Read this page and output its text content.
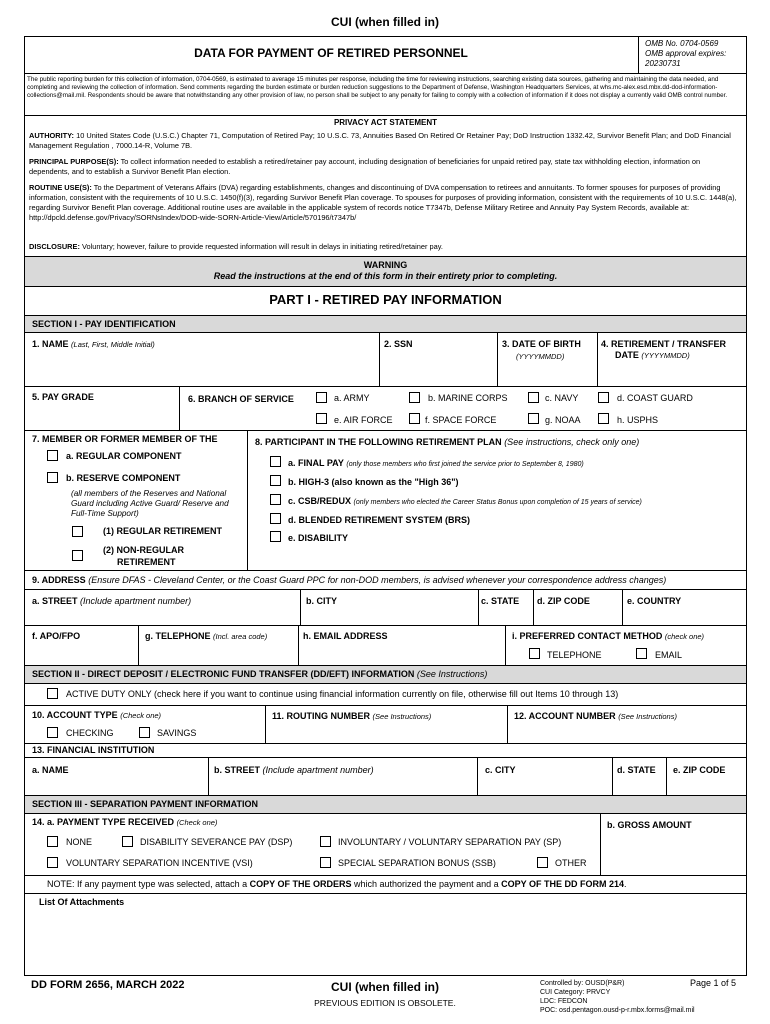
CUI (when filled in)
DATA FOR PAYMENT OF RETIRED PERSONNEL
OMB No. 0704-0569
OMB approval expires:
20230731
The public reporting burden for this collection of information, 0704-0569, is estimated to average 15 minutes per response, including the time for reviewing instructions, searching existing data sources, gathering and maintaining the data needed, and completing and reviewing the collection of information. Send comments regarding the burden estimate or burden reduction suggestions to the Department of Defense, Washington Headquarters Services, at whs.mc-alex.esd.mbx.dd-dod-information-collections@mail.mil. Respondents should be aware that notwithstanding any other provision of law, no person shall be subject to any penalty for failing to comply with a collection of information if it does not display a currently valid OMB control number.
PRIVACY ACT STATEMENT
AUTHORITY: 10 United States Code (U.S.C.) Chapter 71, Computation of Retired Pay; 10 U.S.C. 73, Annuities Based On Retired Or Retainer Pay; DoD Instruction 1332.42, Survivor Benefit Plan; and DoD Financial Management Regulation , 7000.14-R, Volume 7B.
PRINCIPAL PURPOSE(S): To collect information needed to establish a retired/retainer pay account, including designation of beneficiaries for unpaid retired pay, state tax withholding election, information on dependents, and to establish a Survivor Benefit Plan election.
ROUTINE USE(S): To the Department of Veterans Affairs (DVA) regarding establishments, changes and discontinuing of DVA compensation to retirees and annuitants. To former spouses for purposes of providing information, consistent with the requirements of 10 U.S.C. 1450(f)(3), regarding Survivor Benefit Plan coverage. To spouses for purposes of providing information, consistent with the requirements of 10 U.S.C. 1448(a), regarding Survivor Benefit Plan coverage. Additional routine uses are available in the applicable system of records notice T7347b, Defense Military Retiree and Annuity Pay System Records, available at: http://dpcld.defense.gov/Privacy/SORNsIndex/DOD-wide-SORN-Article-View/Article/570196/t7347b/
DISCLOSURE: Voluntary; however, failure to provide requested information will result in delays in initiating retired/retainer pay.
WARNING
Read the instructions at the end of this form in their entirety prior to completing.
PART I - RETIRED PAY INFORMATION
SECTION I - PAY IDENTIFICATION
1. NAME (Last, First, Middle Initial)	2. SSN	3. DATE OF BIRTH
(YYYYMMDD)
4. RETIREMENT / TRANSFER
DATE (YYYYMMDD)
5. PAY GRADE	6. BRANCH OF SERVICE	a. ARMY	b. MARINE CORPS	c. NAVY	d. COAST GUARD
e. AIR FORCE	f. SPACE FORCE	g. NOAA	h. USPHS
7. MEMBER OR FORMER MEMBER OF THE
a. REGULAR COMPONENT
b. RESERVE COMPONENT
(all members of the Reserves and National Guard including Active Guard/ Reserve and Full-Time Support)
(1) REGULAR RETIREMENT
(2) NON-REGULAR
RETIREMENT
8. PARTICIPANT IN THE FOLLOWING RETIREMENT PLAN (See instructions, check only one)
a. FINAL PAY (only those members who first joined the service prior to September 8, 1980)
b. HIGH-3 (also known as the "High 36")
c. CSB/REDUX (only members who elected the Career Status Bonus upon completion of 15 years of service)
d. BLENDED RETIREMENT SYSTEM (BRS)
e. DISABILITY
9. ADDRESS (Ensure DFAS - Cleveland Center, or the Coast Guard PPC for non-DOD members, is advised whenever your correspondence address changes)
a. STREET (Include apartment number)	b. CITY	c. STATE d. ZIP CODE	e. COUNTRY
f. APO/FPO	g. TELEPHONE (Incl. area code)	h. EMAIL ADDRESS	i. PREFERRED CONTACT METHOD (check one)
TELEPHONE	EMAIL
SECTION II - DIRECT DEPOSIT / ELECTRONIC FUND TRANSFER (DD/EFT) INFORMATION (See Instructions)
ACTIVE DUTY ONLY (check here if you want to continue using financial information currently on file, otherwise fill out Items 10 through 13)
10. ACCOUNT TYPE (Check one)
CHECKING	SAVINGS
11. ROUTING NUMBER (See Instructions)	12. ACCOUNT NUMBER (See Instructions)
13. FINANCIAL INSTITUTION
a. NAME	b. STREET (Include apartment number)	c. CITY	d. STATE e. ZIP CODE
SECTION III - SEPARATION PAYMENT INFORMATION
14. a. PAYMENT TYPE RECEIVED (Check one)	b. GROSS AMOUNT
NONE	DISABILITY SEVERANCE PAY (DSP)	INVOLUNTARY / VOLUNTARY SEPARATION PAY (SP)
VOLUNTARY SEPARATION INCENTIVE (VSI)	SPECIAL SEPARATION BONUS (SSB)	OTHER
NOTE: If any payment type was selected, attach a COPY OF THE ORDERS which authorized the payment and a COPY OF THE DD FORM 214.
List Of Attachments
DD FORM 2656, MARCH 2022	CUI (when filled in)
PREVIOUS EDITION IS OBSOLETE.
Controlled by: OUSD(P&R)
CUI Category: PRVCY
LDC: FEDCON
POC: osd.pentagon.ousd-p-r.mbx.forms@mail.mil
Page 1 of 5
